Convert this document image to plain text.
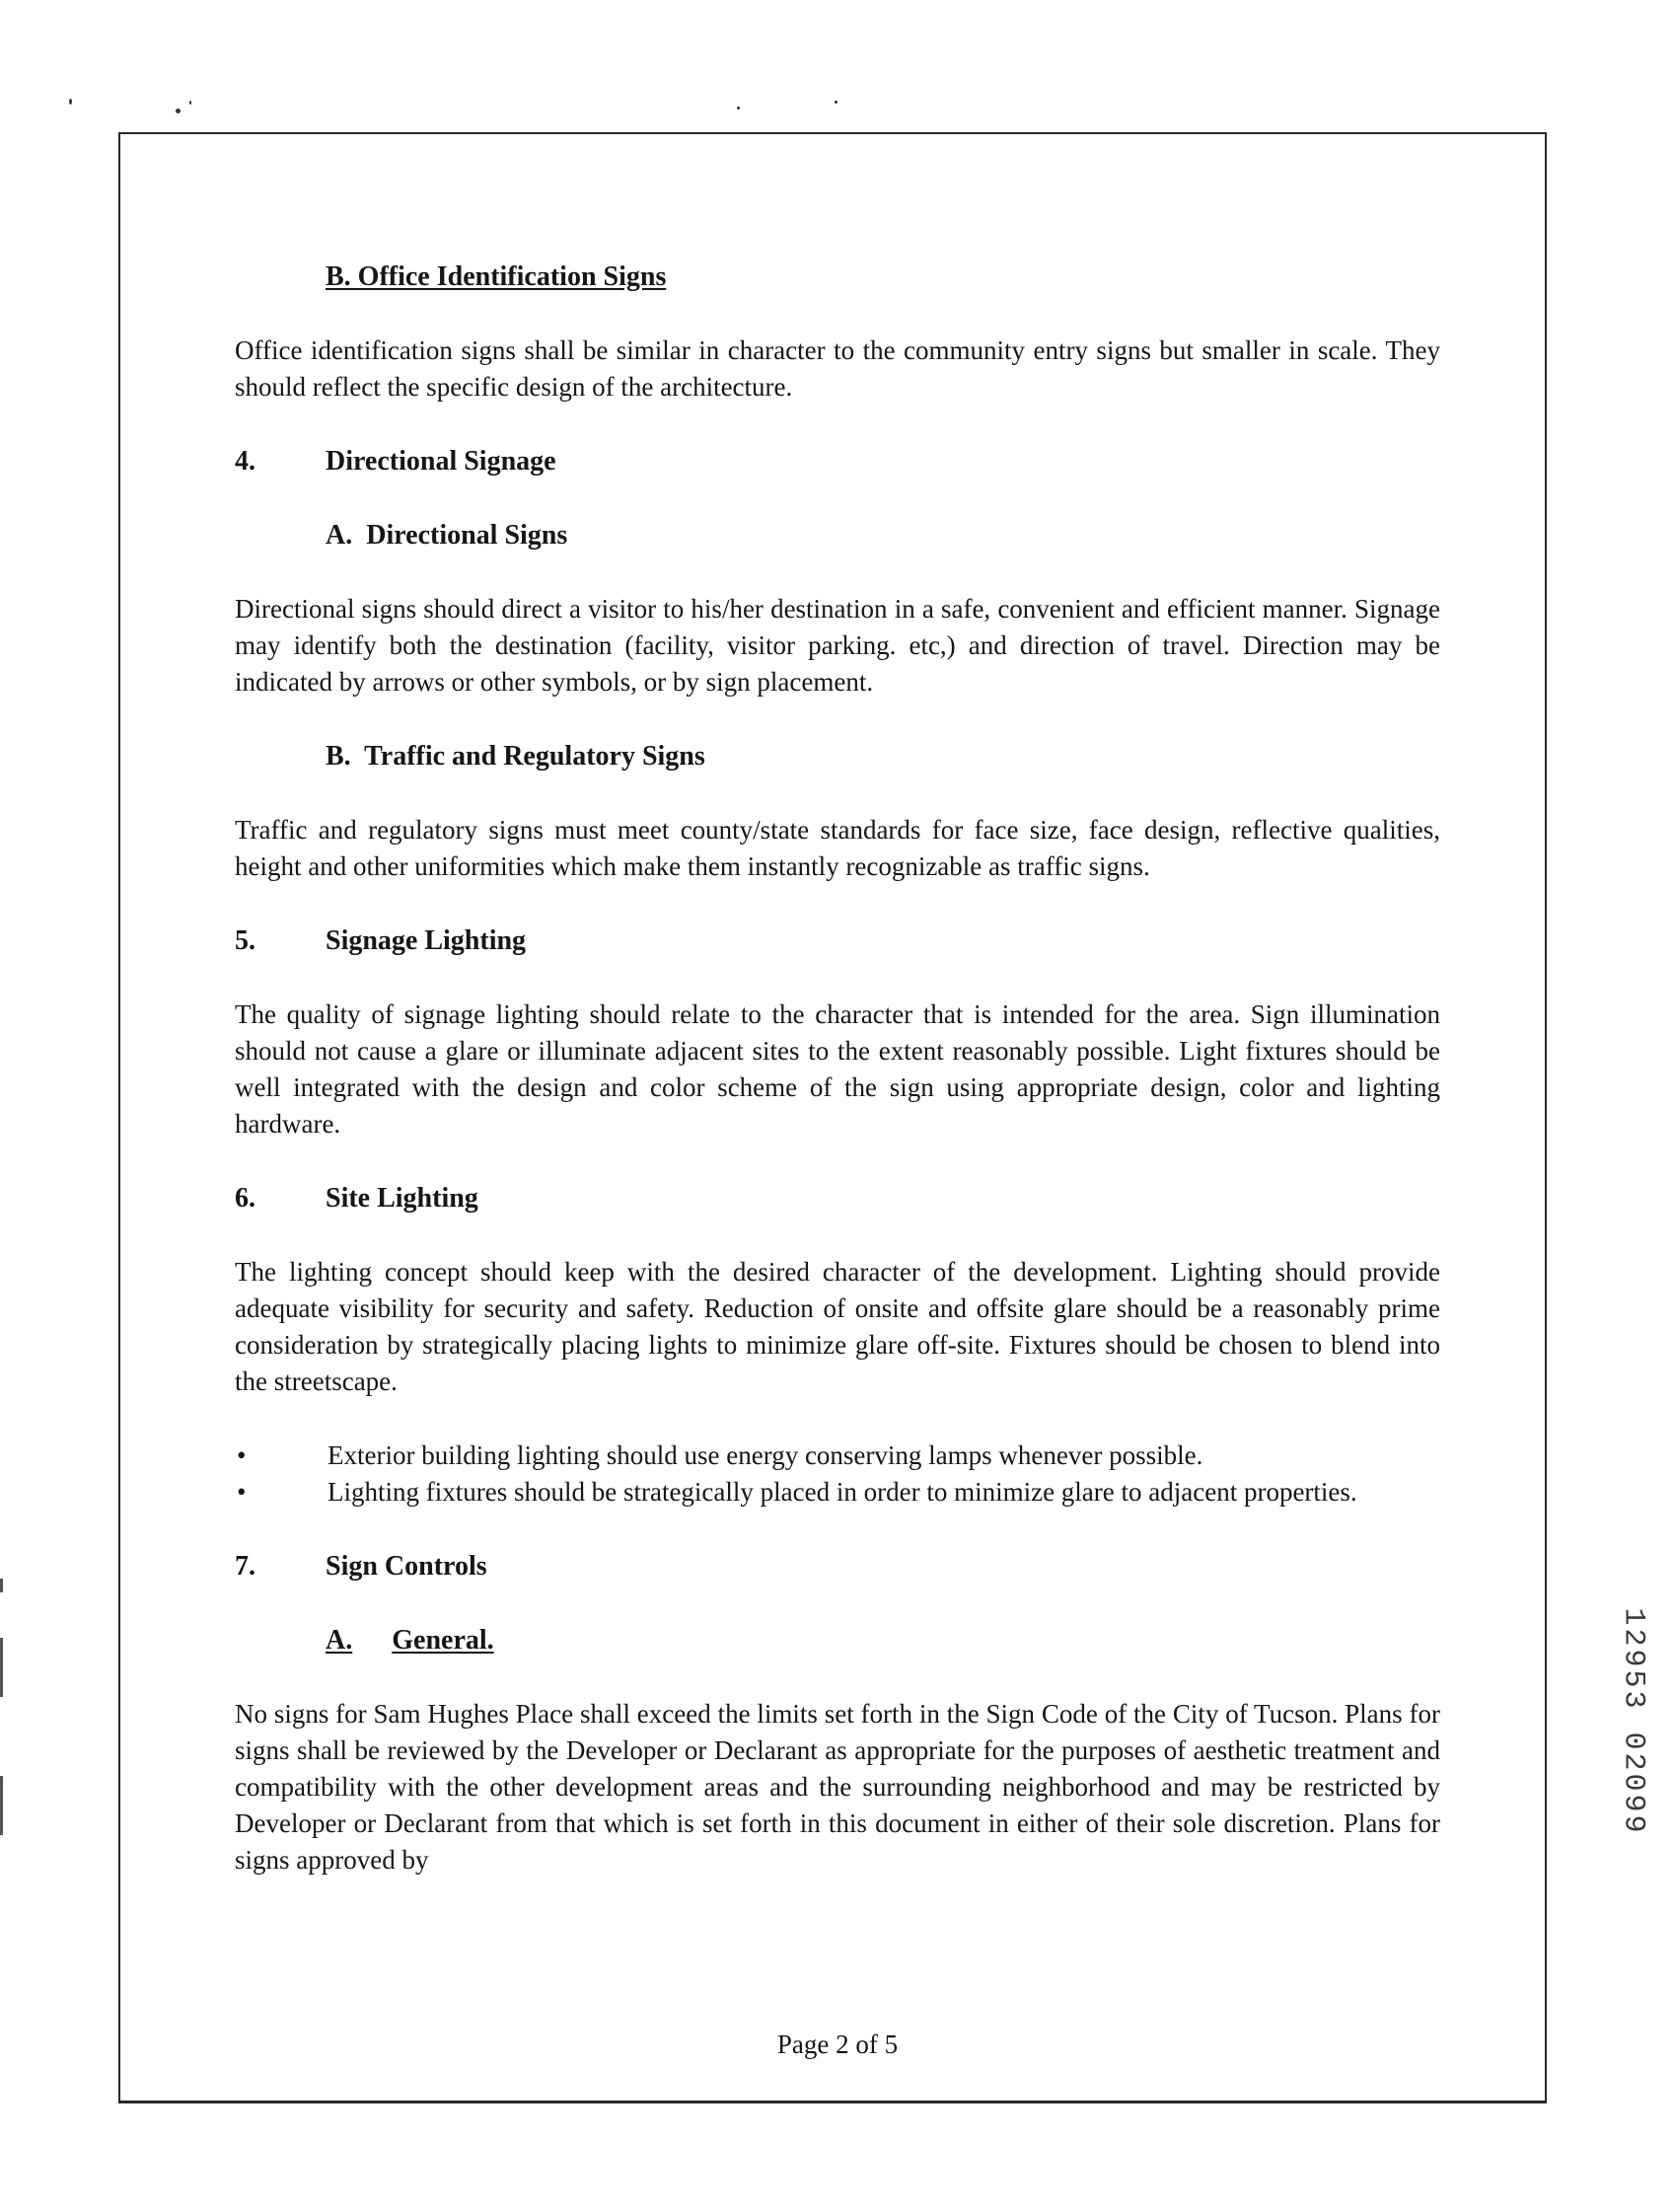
B. Office Identification Signs

Office identification signs shall be similar in character to the community entry signs but smaller in scale. They should reflect the specific design of the architecture.

4.	Directional Signage
A.  Directional Signs

Directional signs should direct a visitor to his/her destination in a safe, convenient and efficient manner. Signage may identify both the destination (facility, visitor parking. etc,) and direction of travel. Direction may be indicated by arrows or other symbols, or by sign placement.

B.  Traffic and Regulatory Signs

Traffic and regulatory signs must meet county/state standards for face size, face design, reflective qualities, height and other uniformities which make them instantly recognizable as traffic signs.

5.	Signage Lighting

The quality of signage lighting should relate to the character that is intended for the area. Sign illumination should not cause a glare or illuminate adjacent sites to the extent reasonably possible. Light fixtures should be well integrated with the design and color scheme of the sign using appropriate design, color and lighting hardware.

6.	Site Lighting

The lighting concept should keep with the desired character of the development. Lighting should provide adequate visibility for security and safety. Reduction of onsite and offsite glare should be a reasonably prime consideration by strategically placing lights to minimize glare off-site. Fixtures should be chosen to blend into the streetscape.

•	Exterior building lighting should use energy conserving lamps whenever possible.
•	Lighting fixtures should be strategically placed in order to minimize glare to adjacent properties.
7.	Sign Controls
A. General.

No signs for Sam Hughes Place shall exceed the limits set forth in the Sign Code of the City of Tucson. Plans for signs shall be reviewed by the Developer or Declarant as appropriate for the purposes of aesthetic treatment and compatibility with the other development areas and the surrounding neighborhood and may be restricted by Developer or Declarant from that which is set forth in this document in either of their sole discretion. Plans for signs approved by

Page 2 of 5
12953 02099
